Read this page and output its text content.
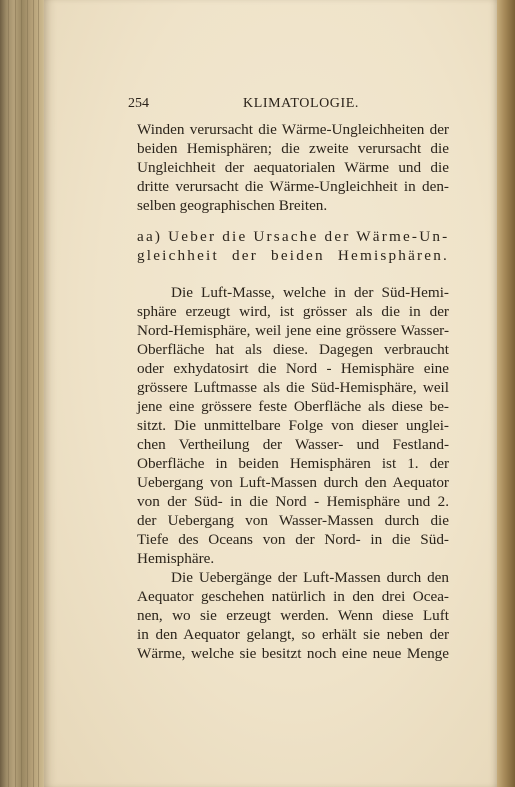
254	KLIMATOLOGIE.
Winden verursacht die Wärme-Ungleichheiten der
beiden Hemisphären; die zweite verursacht die
Ungleichheit der aequatorialen Wärme und die
dritte verursacht die Wärme-Ungleichheit in den-
selben geographischen Breiten.
aa) Ueber die Ursache der Wärme-Un-
gleichheit der beiden Hemisphären.
Die Luft-Masse, welche in der Süd-Hemi-
sphäre erzeugt wird, ist grösser als die in der
Nord-Hemisphäre, weil jene eine grössere Wasser-
Oberfläche hat als diese. Dagegen verbraucht
oder exhydatosirt die Nord - Hemisphäre eine
grössere Luftmasse als die Süd-Hemisphäre, weil
jene eine grössere feste Oberfläche als diese be-
sitzt. Die unmittelbare Folge von dieser unglei-
chen Vertheilung der Wasser- und Festland-
Oberfläche in beiden Hemisphären ist 1. der
Uebergang von Luft-Massen durch den Aequator
von der Süd- in die Nord - Hemisphäre und 2.
der Uebergang von Wasser-Massen durch die
Tiefe des Oceans von der Nord- in die Süd-
Hemisphäre.
Die Uebergänge der Luft-Massen durch den
Aequator geschehen natürlich in den drei Ocea-
nen, wo sie erzeugt werden. Wenn diese Luft
in den Aequator gelangt, so erhält sie neben der
Wärme, welche sie besitzt noch eine neue Menge
